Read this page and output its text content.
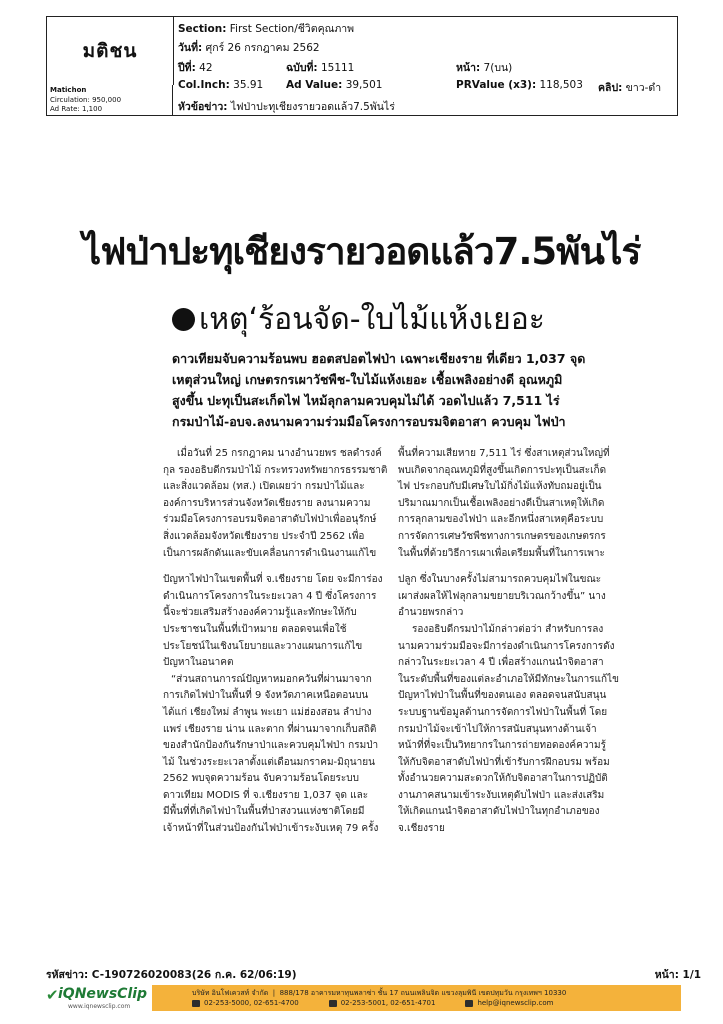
มติชน
Matichon
Circulation: 950,000
Ad Rate: 1,100
Section: First Section/ชีวิตคุณภาพ
วันที่: ศุกร์ 26 กรกฎาคม 2562
ปีที่: 42	ฉบับที่: 15111	หน้า: 7(บน)
Col.Inch: 35.91 Ad Value: 39,501	PRValue (x3): 118,503 คลิป: ขาว-ดำ
หัวข้อข่าว: ไฟป่าปะทุเชียงรายวอดแล้ว7.5พันไร่
ไฟป่าปะทุเชียงรายวอดแล้ว7.5พันไร่
เหตุ‘ร้อนจัด-ใบไม้แห้งเยอะ
ดาวเทียมจับความร้อนพบ ฮอตสปอตไฟป่า เฉพาะเชียงราย ที่เดียว 1,037 จุด
เหตุส่วนใหญ่ เกษตรกรเผาวัชพืช-ใบไม้แห้งเยอะ เชื้อเพลิงอย่างดี อุณหภูมิ
สูงขึ้น ปะทุเป็นสะเก็ดไฟ ไหม้ลุกลามควบคุมไม่ได้ วอดไปแล้ว 7,511 ไร่
กรมป่าไม้-อบจ.ลงนามความร่วมมือโครงการอบรมจิตอาสา ควบคุม ไฟป่า
เมื่อวันที่ 25 กรกฎาคม นางอำนวยพร ชลดำรงค์
กุล รองอธิบดีกรมป่าไม้ กระทรวงทรัพยากรธรรมชาติ
และสิ่งแวดล้อม (ทส.) เปิดเผยว่า กรมป่าไม้และ
องค์การบริหารส่วนจังหวัดเชียงราย ลงนามความ
ร่วมมือโครงการอบรมจิตอาสาดับไฟป่าเพื่ออนุรักษ์
สิ่งแวดล้อมจังหวัดเชียงราย ประจำปี 2562 เพื่อ
เป็นการผลักดันและขับเคลื่อนการดำเนินงานแก้ไข
ปัญหาไฟป่าในเขตพื้นที่ จ.เชียงราย โดย จะมีการ่อง
ดำเนินการโครงการในระยะเวลา 4 ปี ซึ่งโครงการ
นี้จะช่วยเสริมสร้างองค์ความรู้และทักษะให้กับ
ประชาชนในพื้นที่เป้าหมาย ตลอดจนเพื่อใช้
ประโยชน์ในเชิงนโยบายและวางแผนการแก้ไข
ปัญหาในอนาคต
“ส่วนสถานการณ์ปัญหาหมอกควันที่ผ่านมาจาก
การเกิดไฟป่าในพื้นที่ 9 จังหวัดภาคเหนือตอนบน
ได้แก่ เชียงใหม่ ลำพูน พะเยา แม่ฮ่องสอน ลำปาง
แพร่ เชียงราย น่าน และตาก ที่ผ่านมาจากเก็บสถิติ
ของสำนักป้องกันรักษาป่าและควบคุมไฟป่า กรมป่า
ไม้ ในช่วงระยะเวลาตั้งแต่เดือนมกราคม-มิถุนายน
2562 พบจุดความร้อน จับความร้อนโดยระบบ
ดาวเทียม MODIS ที่ จ.เชียงราย 1,037 จุด และ
มีพื้นที่ที่เกิดไฟป่าในพื้นที่ป่าสงวนแห่งชาติโดยมี
เจ้าหน้าที่ในส่วนป้องกันไฟป่าเข้าระงับเหตุ 79 ครั้ง
พื้นที่ความเสียหาย 7,511 ไร่ ซึ่งสาเหตุส่วนใหญ่ที่
พบเกิดจากอุณหภูมิที่สูงขึ้นเกิดการปะทุเป็นสะเก็ด
ไฟ ประกอบกับมีเศษใบไม้กิ่งไม้แห้งทับถมอยู่เป็น
ปริมาณมากเป็นเชื้อเพลิงอย่างดีเป็นสาเหตุให้เกิด
การลุกลามของไฟป่า และอีกหนึ่งสาเหตุคือระบบ
การจัดการเศษวัชพืชทางการเกษตรของเกษตรกร
ในพื้นที่ด้วยวิธีการเผาเพื่อเตรียมพื้นที่ในการเพาะ
ปลูก ซึ่งในบางครั้งไม่สามารถควบคุมไฟในขณะ
เผาส่งผลให้ไฟลุกลามขยายบริเวณกว้างขึ้น” นาง
อำนวยพรกล่าว
รองอธิบดีกรมป่าไม้กล่าวต่อว่า สำหรับการลง
นามความร่วมมือจะมีการ่องดำเนินการโครงการดัง
กล่าวในระยะเวลา 4 ปี เพื่อสร้างแกนนำจิตอาสา
ในระดับพื้นที่ของแต่ละอำเภอให้มีทักษะในการแก้ไข
ปัญหาไฟป่าในพื้นที่ของตนเอง ตลอดจนสนับสนุน
ระบบฐานข้อมูลด้านการจัดการไฟป่าในพื้นที่ โดย
กรมป่าไม้จะเข้าไปให้การสนับสนุนทางด้านเจ้า
หน้าที่ที่จะเป็นวิทยากรในการถ่ายทอดองค์ความรู้
ให้กับจิตอาสาดับไฟป่าที่เข้ารับการฝึกอบรม พร้อม
ทั้งอำนวยความสะดวกให้กับจิตอาสาในการปฏิบัติ
งานภาคสนามเข้าระงับเหตุดับไฟป่า และส่งเสริม
ให้เกิดแกนนำจิตอาสาดับไฟป่าในทุกอำเภอของ
จ.เชียงราย
รหัสข่าว: C-190726020083(26 ก.ค. 62/06:19)	หน้า: 1/1
✔ iQNewsClip
www.iqnewsclip.com
บริษัท อินโฟเควสท์ จำกัด  |  888/178 อาคารมหาทุนพลาซ่า ชั้น 17 ถนนเพลินจิต แขวงลุมพินี เขตปทุมวัน กรุงเทพฯ 10330
02-253-5000, 02-651-4700	02-253-5001, 02-651-4701	help@iqnewsclip.com
